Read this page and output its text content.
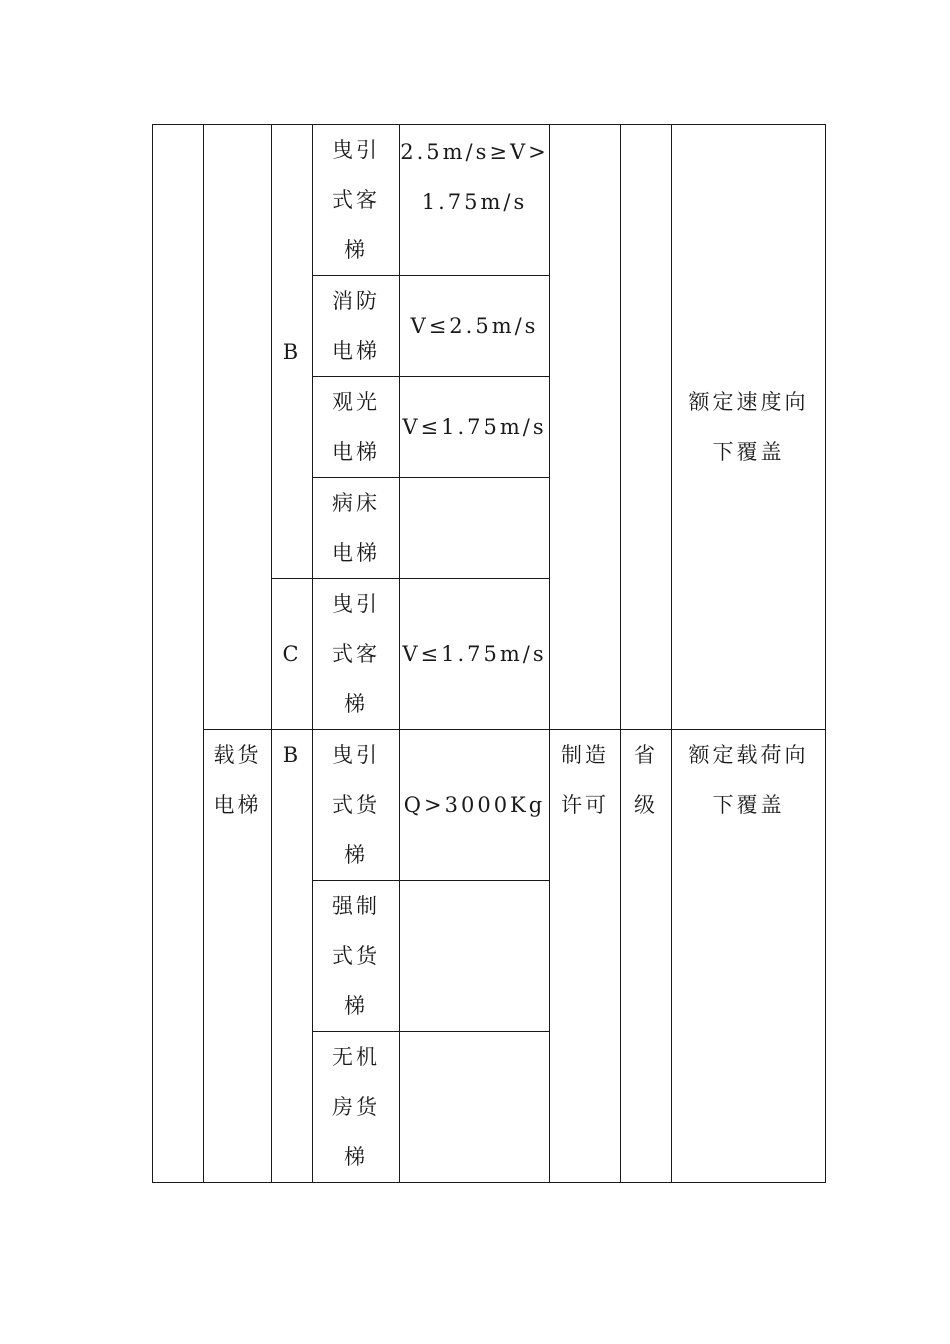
		B	曳引
式客
梯	2.5m/s≥V>
1.75m/s			额定速度向
下覆盖

			消防
电梯	V≤2.5m/s			

			观光
电梯	V≤1.75m/s			

			病床
电梯				

		C	曳引
式客
梯	V≤1.75m/s			

	载货
电梯	B	曳引
式货
梯	Q>3000Kg	制造
许可	省
级	额定载荷向
下覆盖

			强制
式货
梯				

			无机
房货
梯				
